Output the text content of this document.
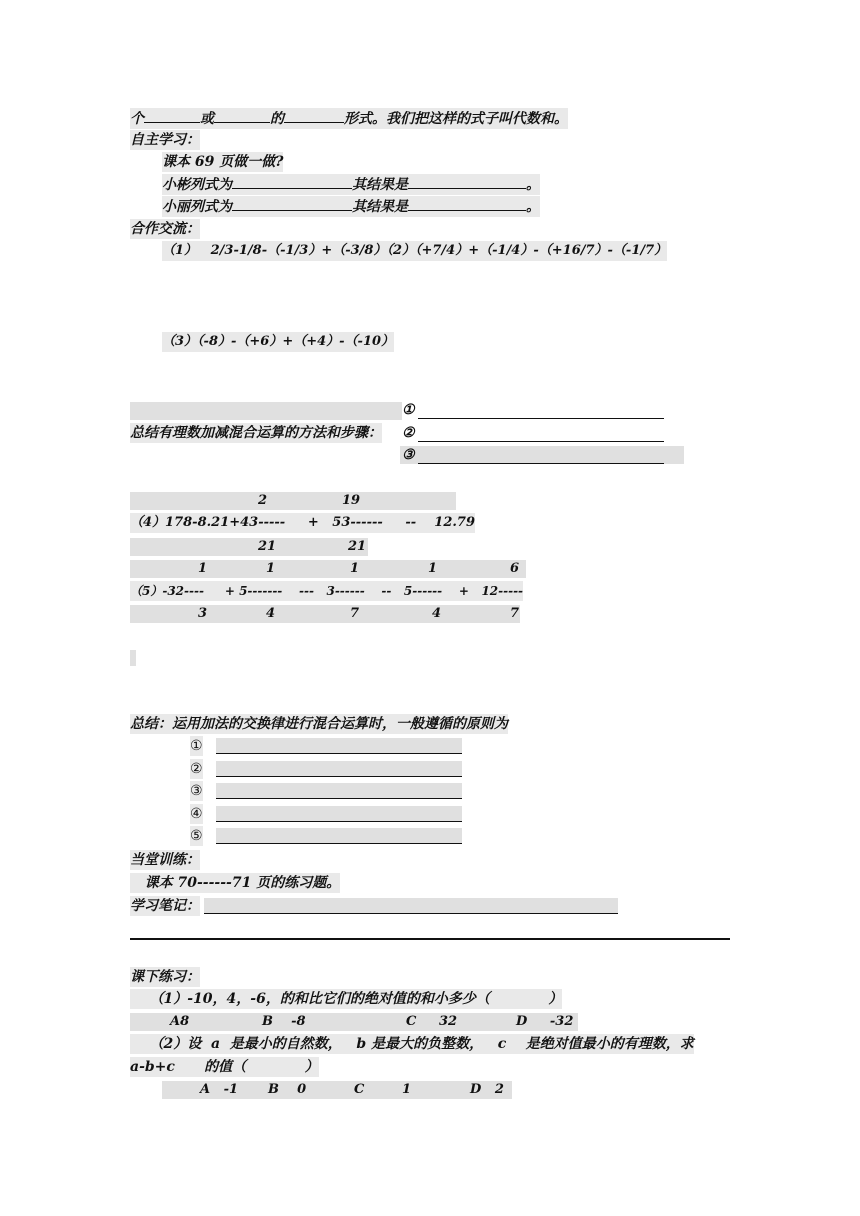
个	或	的	形式。我们把这样的式子叫代数和。
自主学习：
课本 69 页做一做?
小彬列式为	其结果是	。
小丽列式为	其结果是	。
合作交流：
（1）   2/3-1/8-（-1/3）+（-3/8）（2）（+7/4）+（-1/4）-（+16/7）-（-1/7）
（3）（-8）-（+6）+（+4）-（-10）
①
总结有理数加减混合运算的方法和步骤： ②
③
2	19
（4）178-8.21+43-----     +   53------     --    12.79
21	21
1	1	1	1	6
（5）-32----     + 5-------    ---   3------    --   5------    +   12-----
3	4	7	4	7
总结：运用加法的交换律进行混合运算时，一般遵循的原则为
①
②
③
④
⑤
当堂训练：
课本 70------71 页的练习题。
学习笔记：
课下练习：
（1）-10，4，-6，的和比它们的绝对值的和小多少（            ）
A8	B    -8	C     32	D     -32
（2）设  a  是最小的自然数，   b 是最大的负整数，   c    是绝对值最小的有理数，求
a-b+c      的值（            ）
A   -1 B    0	C	1	D   2
